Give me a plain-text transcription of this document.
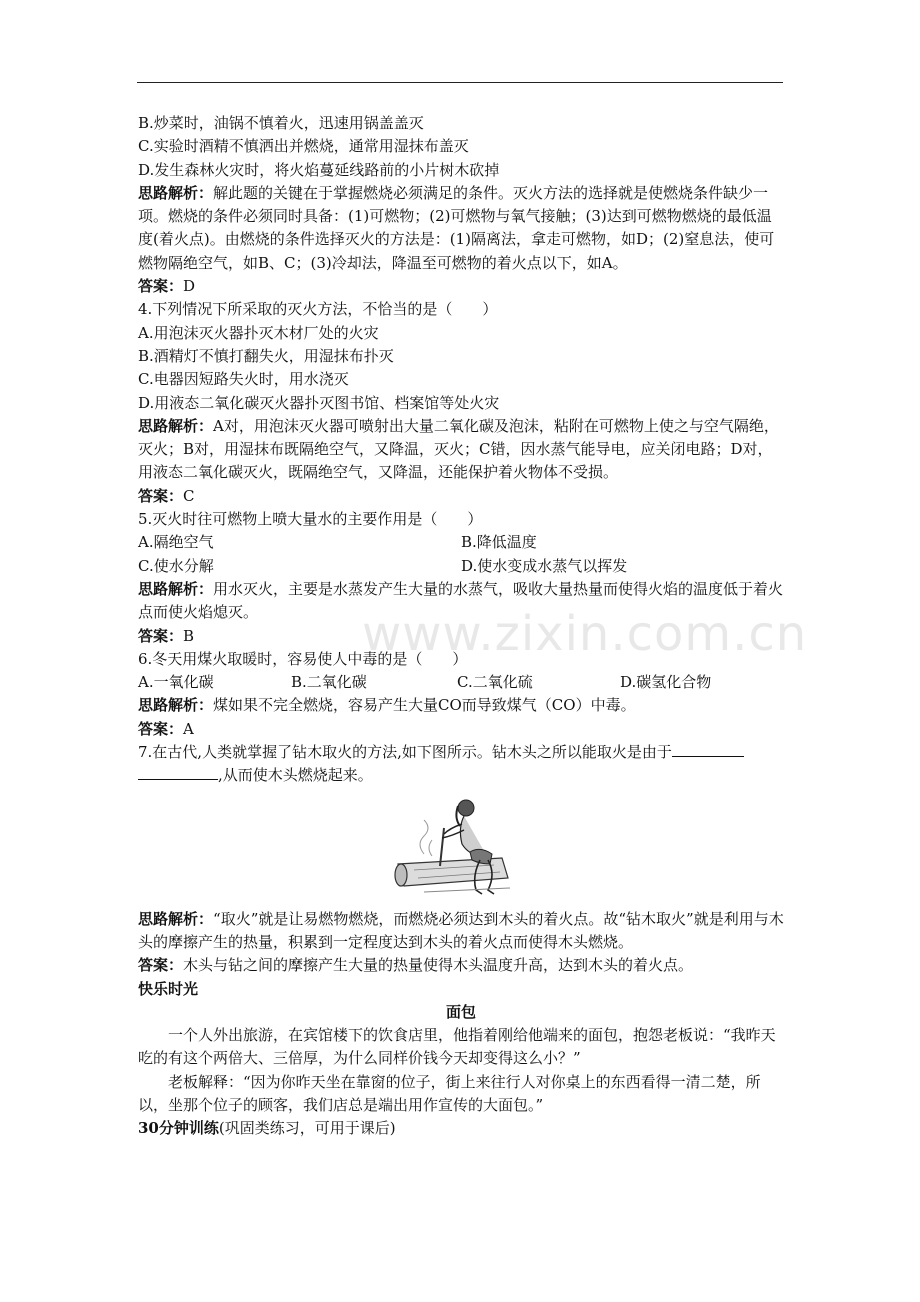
www.zixin.com.cn
B.炒菜时，油锅不慎着火，迅速用锅盖盖灭
C.实验时酒精不慎洒出并燃烧，通常用湿抹布盖灭
D.发生森林火灾时，将火焰蔓延线路前的小片树木砍掉
思路解析：解此题的关键在于掌握燃烧必须满足的条件。灭火方法的选择就是使燃烧条件缺少一项。燃烧的条件必须同时具备：(1)可燃物；(2)可燃物与氧气接触；(3)达到可燃物燃烧的最低温度(着火点)。由燃烧的条件选择灭火的方法是：(1)隔离法，拿走可燃物，如D；(2)窒息法，使可燃物隔绝空气，如B、C；(3)冷却法，降温至可燃物的着火点以下，如A。
答案：D
4.下列情况下所采取的灭火方法，不恰当的是（　　）
A.用泡沫灭火器扑灭木材厂处的火灾
B.酒精灯不慎打翻失火，用湿抹布扑灭
C.电器因短路失火时，用水浇灭
D.用液态二氧化碳灭火器扑灭图书馆、档案馆等处火灾
思路解析：A对，用泡沫灭火器可喷射出大量二氧化碳及泡沫，粘附在可燃物上使之与空气隔绝，灭火；B对，用湿抹布既隔绝空气，又降温，灭火；C错，因水蒸气能导电，应关闭电路；D对，用液态二氧化碳灭火，既隔绝空气，又降温，还能保护着火物体不受损。
答案：C
5.灭火时往可燃物上喷大量水的主要作用是（　　）
A.隔绝空气	B.降低温度
C.使水分解	D.使水变成水蒸气以挥发
思路解析：用水灭火，主要是水蒸发产生大量的水蒸气，吸收大量热量而使得火焰的温度低于着火点而使火焰熄灭。
答案：B
6.冬天用煤火取暖时，容易使人中毒的是（　　）
A.一氧化碳	B.二氧化碳	C.二氧化硫	D.碳氢化合物
思路解析：煤如果不完全燃烧，容易产生大量CO而导致煤气（CO）中毒。
答案：A
7.在古代,人类就掌握了钻木取火的方法,如下图所示。钻木头之所以能取火是由于
,从而使木头燃烧起来。
思路解析：“取火”就是让易燃物燃烧，而燃烧必须达到木头的着火点。故“钻木取火”就是利用与木头的摩擦产生的热量，积累到一定程度达到木头的着火点而使得木头燃烧。
答案：木头与钻之间的摩擦产生大量的热量使得木头温度升高，达到木头的着火点。
快乐时光
面包
一个人外出旅游，在宾馆楼下的饮食店里，他指着刚给他端来的面包，抱怨老板说：“我昨天吃的有这个两倍大、三倍厚，为什么同样价钱今天却变得这么小？”
老板解释：“因为你昨天坐在靠窗的位子，街上来往行人对你桌上的东西看得一清二楚，所以，坐那个位子的顾客，我们店总是端出用作宣传的大面包。”
30分钟训练(巩固类练习，可用于课后)
